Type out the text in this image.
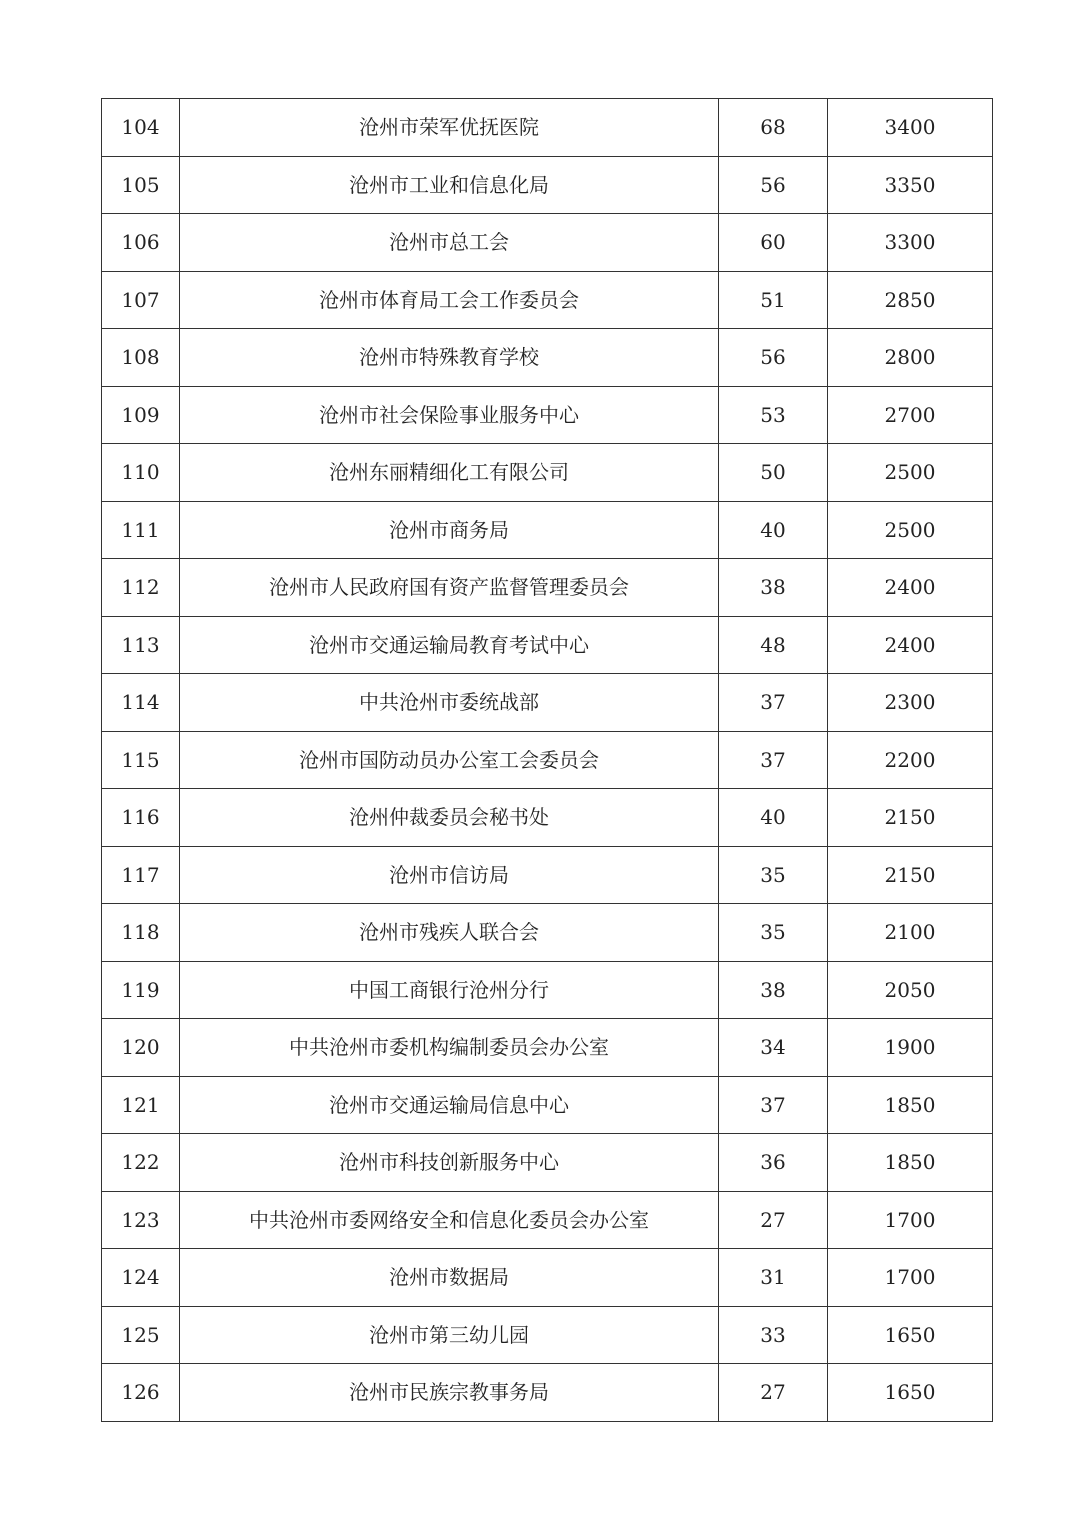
104	沧州市荣军优抚医院	68	3400
105	沧州市工业和信息化局	56	3350
106	沧州市总工会	60	3300
107	沧州市体育局工会工作委员会	51	2850
108	沧州市特殊教育学校	56	2800
109	沧州市社会保险事业服务中心	53	2700
110	沧州东丽精细化工有限公司	50	2500
111	沧州市商务局	40	2500
112	沧州市人民政府国有资产监督管理委员会	38	2400
113	沧州市交通运输局教育考试中心	48	2400
114	中共沧州市委统战部	37	2300
115	沧州市国防动员办公室工会委员会	37	2200
116	沧州仲裁委员会秘书处	40	2150
117	沧州市信访局	35	2150
118	沧州市残疾人联合会	35	2100
119	中国工商银行沧州分行	38	2050
120	中共沧州市委机构编制委员会办公室	34	1900
121	沧州市交通运输局信息中心	37	1850
122	沧州市科技创新服务中心	36	1850
123	中共沧州市委网络安全和信息化委员会办公室	27	1700
124	沧州市数据局	31	1700
125	沧州市第三幼儿园	33	1650
126	沧州市民族宗教事务局	27	1650
